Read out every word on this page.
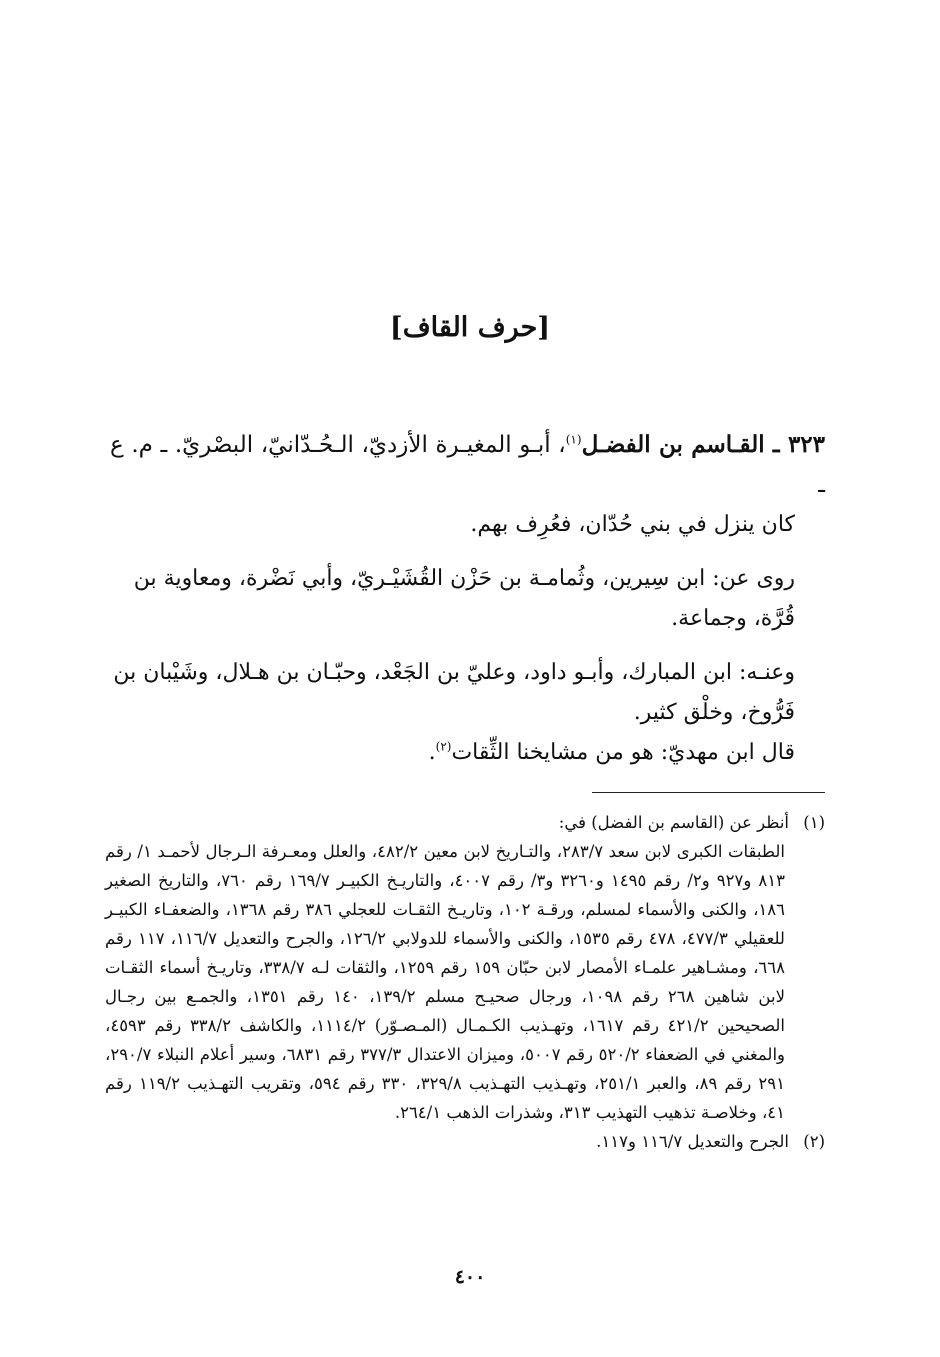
[حرف القاف]

٣٢٣ ـ القـاسم بن الفضـل$^{(١)}$، أبـو المغيـرة الأزديّ، الـحُـدّانيّ، البصْريّ. ـ م. ع ـ

كان ينزل في بني حُدّان، فعُرِف بهم.

روى عن: ابن سِيرين، وثُمامـة بن حَزْن القُشَيْـريّ، وأبي نَضْرة، ومعاوية بن قُرَّة، وجماعة.

وعنـه: ابن المبارك، وأبـو داود، وعليّ بن الجَعْد، وحبّـان بن هـلال، وشَيْبان بن فَرُّوخ، وخلْق كثير.

قال ابن مهديّ: هو من مشايخنا الثِّقات$^{(٢)}$.

(١)
أنظر عن (القاسم بن الفضل) في:
الطبقات الكبرى لابن سعد ٢٨٣/٧، والتـاريخ لابن معين ٤٨٢/٢، والعلل ومعـرفة الـرجال لأحمـد ١/ رقم ٨١٣ و٩٢٧ و٢/ رقم ١٤٩٥ و٣٢٦٠ و٣/ رقم ٤٠٠٧، والتاريـخ الكبيـر ١٦٩/٧ رقم ٧٦٠، والتاريخ الصغير ١٨٦، والكنى والأسماء لمسلم، ورقـة ١٠٢، وتاريـخ الثقـات للعجلي ٣٨٦ رقم ١٣٦٨، والضعفـاء الكبيـر للعقيلي ٤٧٧/٣، ٤٧٨ رقم ١٥٣٥، والكنى والأسماء للدولابي ١٢٦/٢، والجرح والتعديل ١١٦/٧، ١١٧ رقم ٦٦٨، ومشـاهير علمـاء الأمصار لابن حبّان ١٥٩ رقم ١٢٥٩، والثقات لـه ٣٣٨/٧، وتاريـخ أسماء الثقـات لابن شاهين ٢٦٨ رقم ١٠٩٨، ورجال صحيـح مسلم ١٣٩/٢، ١٤٠ رقم ١٣٥١، والجمـع بين رجـال الصحيحين ٤٢١/٢ رقم ١٦١٧، وتهـذيب الكـمـال (المـصـوّر) ١١١٤/٢، والكاشف ٣٣٨/٢ رقم ٤٥٩٣، والمغني في الضعفاء ٥٢٠/٢ رقم ٥٠٠٧، وميزان الاعتدال ٣٧٧/٣ رقم ٦٨٣١، وسير أعلام النبلاء ٢٩٠/٧، ٢٩١ رقم ٨٩، والعبر ٢٥١/١، وتهـذيب التهـذيب ٣٢٩/٨، ٣٣٠ رقم ٥٩٤، وتقريب التهـذيب ١١٩/٢ رقم ٤١، وخلاصـة تذهيب التهذيب ٣١٣، وشذرات الذهب ٢٦٤/١.
(٢)
الجرح والتعديل ١١٦/٧ و١١٧.
٤٠٠
